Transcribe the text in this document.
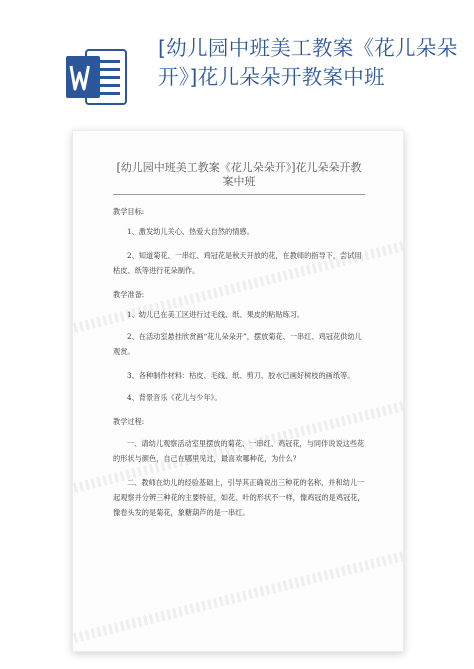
[幼儿园中班美工教案《花儿朵朵开》]花儿朵朵开教案中班
[幼儿园中班美工教案《花儿朵朵开》]花儿朵朵开教案中班

教学目标:

1、激发幼儿关心、热爱大自然的情感。

2、知道菊花、一串红、鸡冠花是秋天开放的花，在教师的指导下，尝试用枯皮、纸等进行花朵制作。

教学准备:

1、幼儿已在美工区进行过毛线、纸、果皮的粘贴练习。

2、在活动室悬挂欣赏画“花儿朵朵开”，摆放菊花、一串红、鸡冠花供幼儿观赏。

3、各种制作材料：枯皮、毛线、纸、剪刀、胶水已画好树枝的画纸等。

4、背景音乐《花儿与少年》。

教学过程:

一、请幼儿观察活动室里摆放的菊花、一串红、鸡冠花，与同伴说说这些花的形状与颜色，自己在哪里见过，最喜欢哪种花，为什么？

二、教师在幼儿的经验基础上，引导其正确说出三种花的名称，并和幼儿一起观察并分辨三种花的主要特征，如花、叶的形状不一样，像鸡冠的是鸡冠花，像卷头发的是菊花，象糖葫芦的是一串红。
